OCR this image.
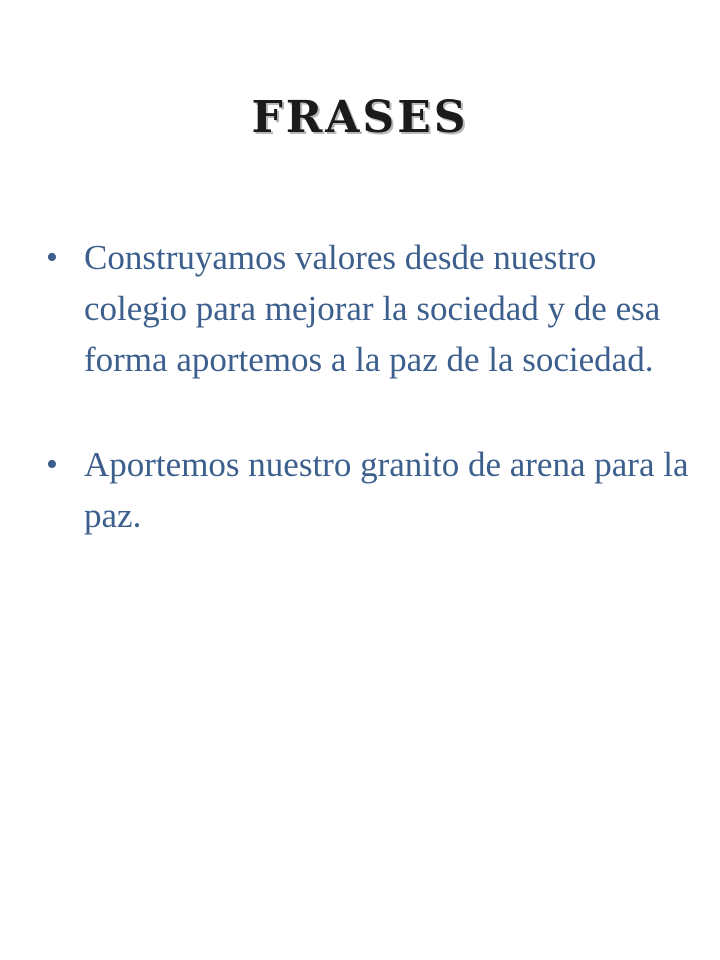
FRASES
• Construyamos valores desde nuestro colegio para mejorar la sociedad y de esa forma aportemos a la paz de la sociedad.
• Aportemos nuestro granito de arena para la paz.
